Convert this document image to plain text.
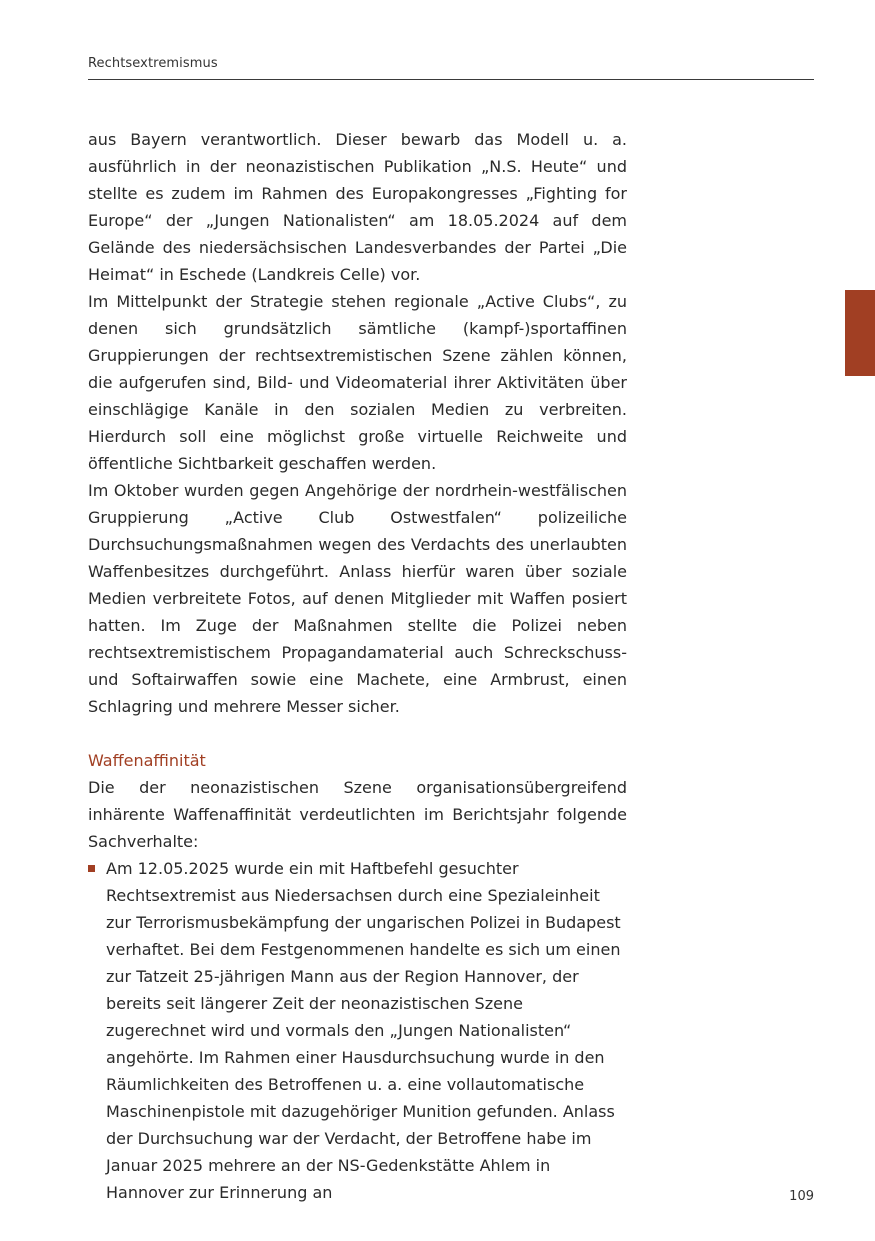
Rechtsextremismus

aus Bayern verantwortlich. Dieser bewarb das Modell u. a. ausführlich in der neonazistischen Publikation „N.S. Heute“ und stellte es zudem im Rahmen des Europakongresses „Fighting for Europe“ der „Jungen Nationalisten“ am 18.05.2024 auf dem Gelände des niedersächsischen Landesverbandes der Partei „Die Heimat“ in Eschede (Landkreis Celle) vor.

Im Mittelpunkt der Strategie stehen regionale „Active Clubs“, zu denen sich grundsätzlich sämtliche (kampf-)sportaffinen Gruppierungen der rechtsextremistischen Szene zählen können, die aufgerufen sind, Bild- und Videomaterial ihrer Aktivitäten über einschlägige Kanäle in den sozialen Medien zu verbreiten. Hierdurch soll eine möglichst große virtuelle Reichweite und öffentliche Sichtbarkeit geschaffen werden.

Im Oktober wurden gegen Angehörige der nordrhein-westfälischen Gruppierung „Active Club Ostwestfalen“ polizeiliche Durchsuchungsmaßnahmen wegen des Verdachts des unerlaubten Waffenbesitzes durchgeführt. Anlass hierfür waren über soziale Medien verbreitete Fotos, auf denen Mitglieder mit Waffen posiert hatten. Im Zuge der Maßnahmen stellte die Polizei neben rechtsextremistischem Propagandamaterial auch Schreckschuss- und Softairwaffen sowie eine Machete, eine Armbrust, einen Schlagring und mehrere Messer sicher.

Waffenaffinität

Die der neonazistischen Szene organisationsübergreifend inhärente Waffenaffinität verdeutlichten im Berichtsjahr folgende Sachverhalte:

Am 12.05.2025 wurde ein mit Haftbefehl gesuchter Rechtsextremist aus Niedersachsen durch eine Spezialeinheit zur Terrorismusbekämpfung der ungarischen Polizei in Budapest verhaftet. Bei dem Festgenommenen handelte es sich um einen zur Tatzeit 25-jährigen Mann aus der Region Hannover, der bereits seit längerer Zeit der neonazistischen Szene zugerechnet wird und vormals den „Jungen Nationalisten“ angehörte. Im Rahmen einer Hausdurchsuchung wurde in den Räumlichkeiten des Betroffenen u. a. eine vollautomatische Maschinenpistole mit dazugehöriger Munition gefunden. Anlass der Durchsuchung war der Verdacht, der Betroffene habe im Januar 2025 mehrere an der NS-Gedenkstätte Ahlem in Hannover zur Erinnerung an	109
